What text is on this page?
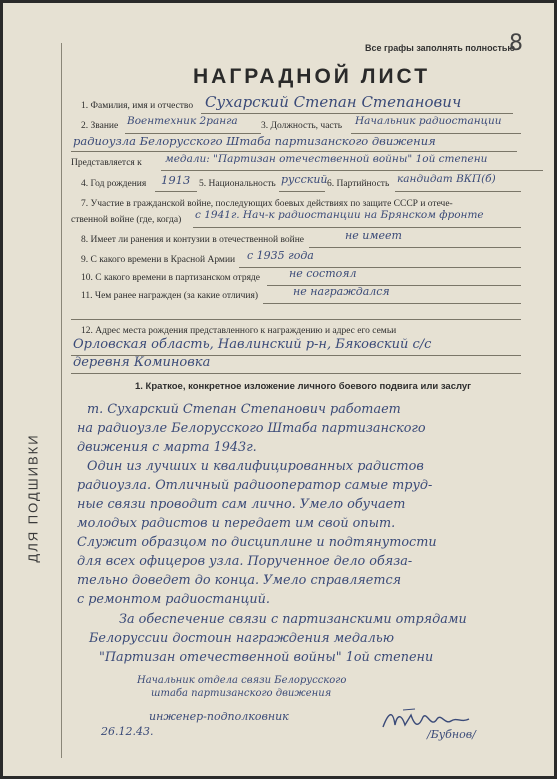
ДЛЯ ПОДШИВКИ
Все графы заполнять полностью
8
НАГРАДНОЙ ЛИСТ
1. Фамилия, имя и отчество Сухарский Степан Степанович
2. Звание Воентехник 2ранга 3. Должность, часть Начальник радиостанции
радиоузла Белорусского Штаба партизанского движения
Представляется к медали: "Партизан отечественной войны" 1ой степени
4. Год рождения 1913 5. Национальность русский 6. Партийность кандидат ВКП(б)
7. Участие в гражданской войне, последующих боевых действиях по защите СССР и отече-
ственной войне (где, когда) с 1941г. Нач-к радиостанции на Брянском фронте
8. Имеет ли ранения и контузии в отечественной войне	не имеет
9. С какого времени в Красной Армии с 1935 года
10. С какого времени в партизанском отряде	не состоял
11. Чем ранее награжден (за какие отличия)	не награждался
12. Адрес места рождения представленного к награждению и адрес его семьи
Орловская область, Навлинский р-н, Бяковский с/с
деревня Коминовка
1. Краткое, конкретное изложение личного боевого подвига или заслуг
т. Сухарский Степан Степанович работает
на радиоузле Белорусского Штаба партизанского
движения с марта 1943г.
Один из лучших и квалифицированных радистов
радиоузла. Отличный радиооператор самые труд-
ные связи проводит сам лично. Умело обучает
молодых радистов и передает им свой опыт.
Служит образцом по дисциплине и подтянутости
для всех офицеров узла. Порученное дело обяза-
тельно доведет до конца. Умело справляется
с ремонтом радиостанций.
За обеспечение связи с партизанскими отрядами
Белоруссии достоин награждения медалью
"Партизан отечественной войны" 1ой степени
Начальник отдела связи Белорусского
штаба партизанского движения
инженер-подполковник
26.12.43.	/Бубнов/
